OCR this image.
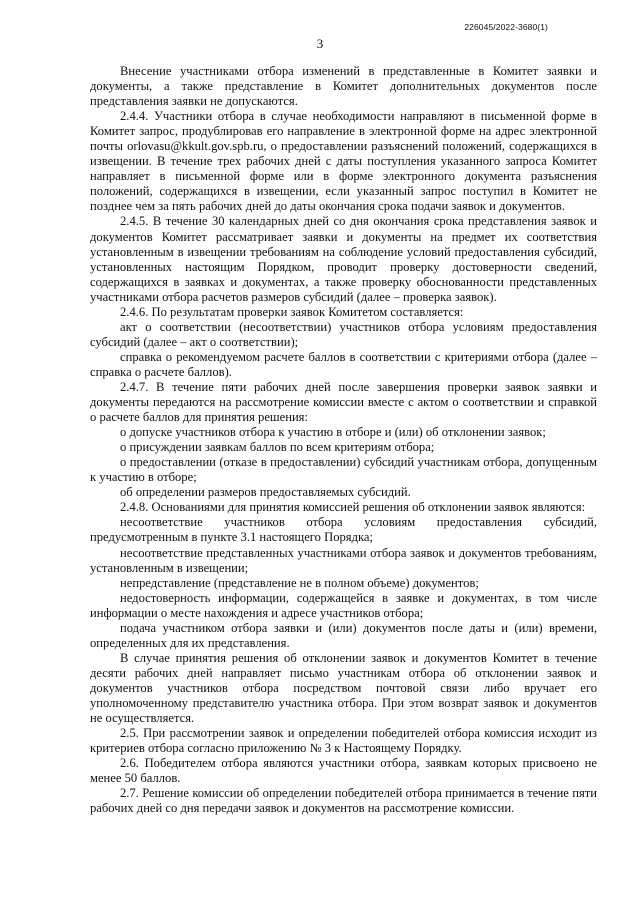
226045/2022-3680(1)
3

Внесение участниками отбора изменений в представленные в Комитет заявки и документы, а также представление в Комитет дополнительных документов после представления заявки не допускаются.

2.4.4. Участники отбора в случае необходимости направляют в письменной форме в Комитет запрос, продублировав его направление в электронной форме на адрес электронной почты orlovasu@kkult.gov.spb.ru, о предоставлении разъяснений положений, содержащихся в извещении. В течение трех рабочих дней с даты поступления указанного запроса Комитет направляет в письменной форме или в форме электронного документа разъяснения положений, содержащихся в извещении, если указанный запрос поступил в Комитет не позднее чем за пять рабочих дней до даты окончания срока подачи заявок и документов.

2.4.5. В течение 30 календарных дней со дня окончания срока представления заявок и документов Комитет рассматривает заявки и документы на предмет их соответствия установленным в извещении требованиям на соблюдение условий предоставления субсидий, установленных настоящим Порядком, проводит проверку достоверности сведений, содержащихся в заявках и документах, а также проверку обоснованности представленных участниками отбора расчетов размеров субсидий (далее – проверка заявок).

2.4.6. По результатам проверки заявок Комитетом составляется:

акт о соответствии (несоответствии) участников отбора условиям предоставления субсидий (далее – акт о соответствии);

справка о рекомендуемом расчете баллов в соответствии с критериями отбора (далее – справка о расчете баллов).

2.4.7. В течение пяти рабочих дней после завершения проверки заявок заявки и документы передаются на рассмотрение комиссии вместе с актом о соответствии и справкой о расчете баллов для принятия решения:

о допуске участников отбора к участию в отборе и (или) об отклонении заявок;

о присуждении заявкам баллов по всем критериям отбора;

о предоставлении (отказе в предоставлении) субсидий участникам отбора, допущенным к участию в отборе;

об определении размеров предоставляемых субсидий.

2.4.8. Основаниями для принятия комиссией решения об отклонении заявок являются:

несоответствие участников отбора условиям предоставления субсидий, предусмотренным в пункте 3.1 настоящего Порядка;

несоответствие представленных участниками отбора заявок и документов требованиям, установленным в извещении;

непредставление (представление не в полном объеме) документов;

недостоверность информации, содержащейся в заявке и документах, в том числе информации о месте нахождения и адресе участников отбора;

подача участником отбора заявки и (или) документов после даты и (или) времени, определенных для их представления.

В случае принятия решения об отклонении заявок и документов Комитет в течение десяти рабочих дней направляет письмо участникам отбора об отклонении заявок и документов участников отбора посредством почтовой связи либо вручает его уполномоченному представителю участника отбора. При этом возврат заявок и документов не осуществляется.

2.5. При рассмотрении заявок и определении победителей отбора комиссия исходит из критериев отбора согласно приложению № 3 к Настоящему Порядку.

2.6. Победителем отбора являются участники отбора, заявкам которых присвоено не менее 50 баллов.

2.7. Решение комиссии об определении победителей отбора принимается в течение пяти рабочих дней со дня передачи заявок и документов на рассмотрение комиссии.
